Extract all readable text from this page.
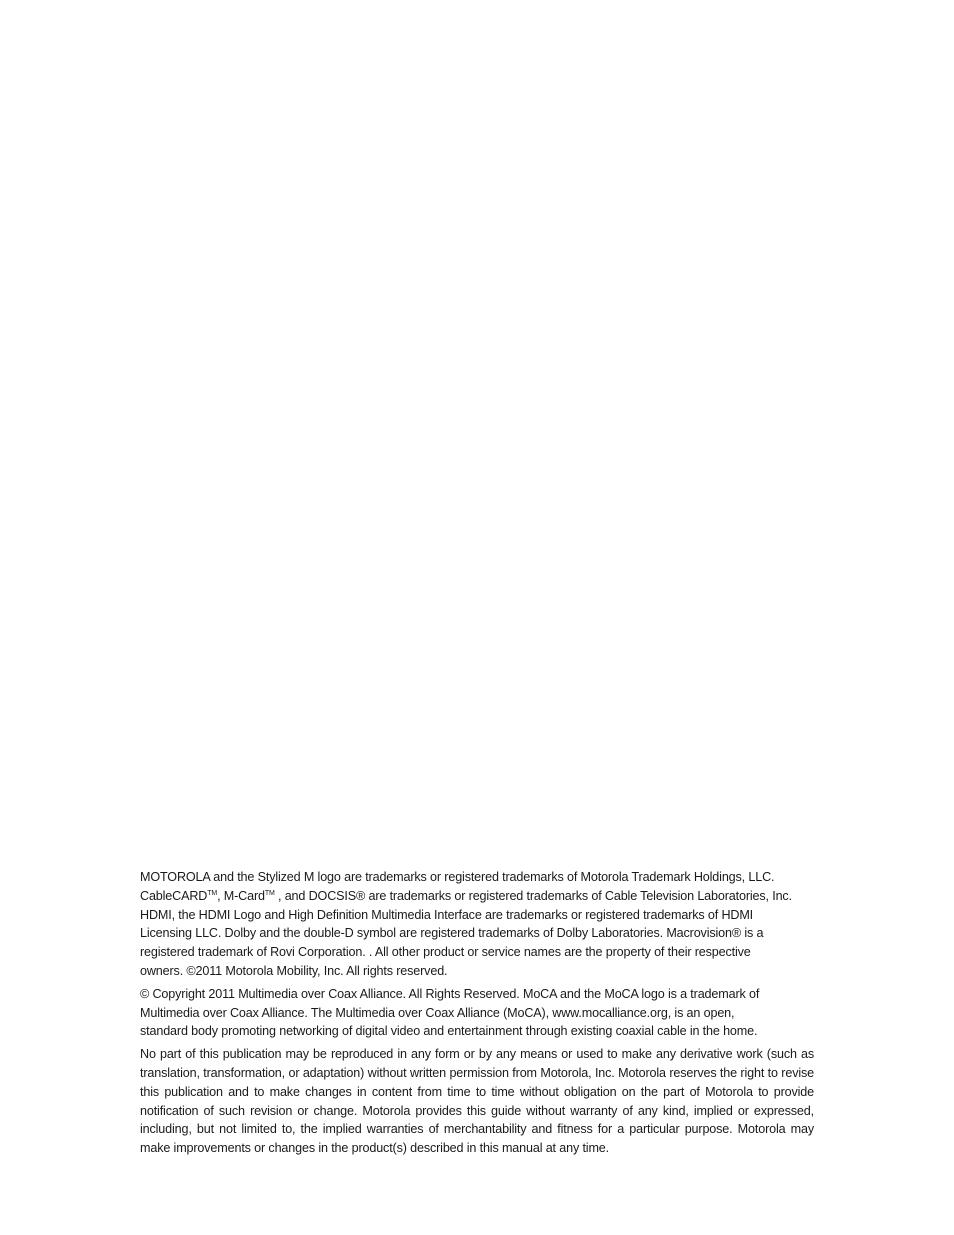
MOTOROLA and the Stylized M logo are trademarks or registered trademarks of Motorola Trademark Holdings, LLC.
CableCARD™, M-Card™ , and DOCSIS® are trademarks or registered trademarks of Cable Television Laboratories, Inc.
HDMI, the HDMI Logo and High Definition Multimedia Interface are trademarks or registered trademarks of HDMI
Licensing LLC. Dolby and the double-D symbol are registered trademarks of Dolby Laboratories. Macrovision® is a
registered trademark of Rovi Corporation. . All other product or service names are the property of their respective
owners. ©2011 Motorola Mobility, Inc. All rights reserved.

© Copyright 2011 Multimedia over Coax Alliance. All Rights Reserved. MoCA and the MoCA logo is a trademark of
Multimedia over Coax Alliance. The Multimedia over Coax Alliance (MoCA), www.mocalliance.org, is an open,
standard body promoting networking of digital video and entertainment through existing coaxial cable in the home.

No part of this publication may be reproduced in any form or by any means or used to make any derivative work (such as translation, transformation, or adaptation) without written permission from Motorola, Inc. Motorola reserves the right to revise this publication and to make changes in content from time to time without obligation on the part of Motorola to provide notification of such revision or change. Motorola provides this guide without warranty of any kind, implied or expressed, including, but not limited to, the implied warranties of merchantability and fitness for a particular purpose. Motorola may make improvements or changes in the product(s) described in this manual at any time.
